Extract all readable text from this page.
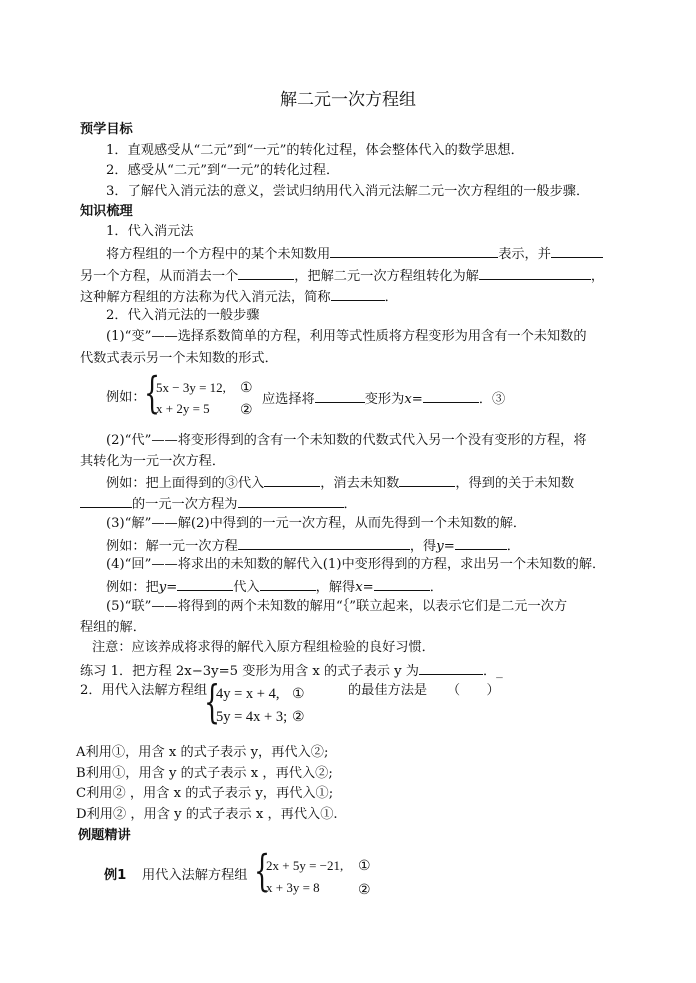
解二元一次方程组
预学目标
1．直观感受从“二元”到“一元”的转化过程，体会整体代入的数学思想．
2．感受从“二元”到“一元”的转化过程．
3．了解代入消元法的意义，尝试归纳用代入消元法解二元一次方程组的一般步骤．
知识梳理
1．代入消元法
将方程组的一个方程中的某个未知数用	表示，并
另一个方程，从而消去一个	，把解二元一次方程组转化为解	，
这种解方程组的方法称为代入消元法，简称	．
2．代入消元法的一般步骤
(1)“变”——选择系数简单的方程，利用等式性质将方程变形为用含有一个未知数的
代数式表示另一个未知数的形式．
例如：
{
5x − 3y = 12,
x + 2y = 5
①
②
应选择将	变形为x=	．③
(2)“代”——将变形得到的含有一个未知数的代数式代入另一个没有变形的方程，将
其转化为一元一次方程．
例如：把上面得到的③代入	，消去未知数	，得到的关于未知数
的一元一次方程为	．
(3)“解”——解(2)中得到的一元一次方程，从而先得到一个未知数的解．
例如：解一元一次方程	，得y=	．
(4)“回”——将求出的未知数的解代入(1)中变形得到的方程，求出另一个未知数的解．
例如：把y=	代入	，解得x=	．
(5)“联”——将得到的两个未知数的解用“｛”联立起来，以表示它们是二元一次方
程组的解．
注意：应该养成将求得的解代入原方程组检验的良好习惯．
练习 1．把方程 2x−3y=5 变形为用含 x 的式子表示 y 为	．_
2．用代入法解方程组
{
4y = x + 4,
5y = 4x + 3;
①
②
的最佳方法是　　（　　）
A利用①，用含 x 的式子表示 y，再代入②;
B利用①，用含 y 的式子表示 x ，再代入②;
C利用② ，用含 x 的式子表示 y，再代入①;
D利用② ，用含 y 的式子表示 x ，再代入①.
例题精讲
例1 用代入法解方程组 {
2x + 5y = −21,
x + 3y = 8
①
②
